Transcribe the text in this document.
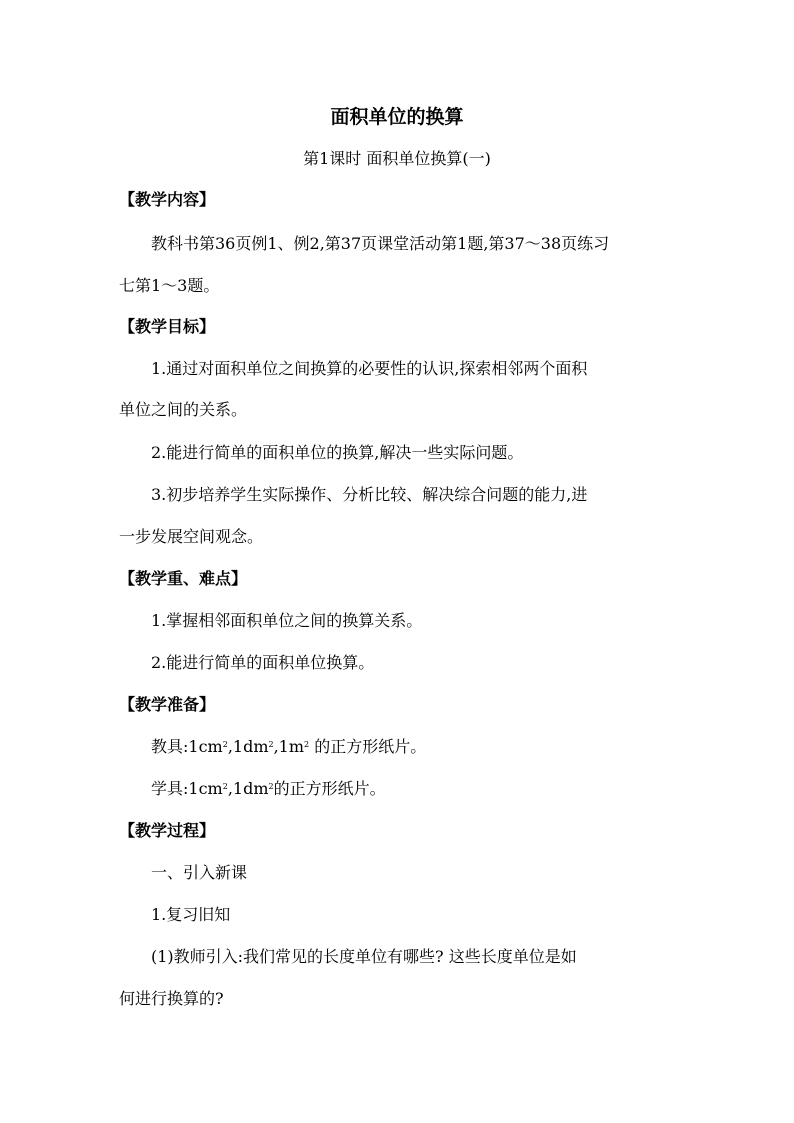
面积单位的换算
第1课时 面积单位换算(一)
【教学内容】
教科书第36页例1、例2,第37页课堂活动第1题,第37～38页练习
七第1～3题。
【教学目标】
1.通过对面积单位之间换算的必要性的认识,探索相邻两个面积
单位之间的关系。
2.能进行简单的面积单位的换算,解决一些实际问题。
3.初步培养学生实际操作、分析比较、解决综合问题的能力,进
一步发展空间观念。
【教学重、难点】
1.掌握相邻面积单位之间的换算关系。
2.能进行简单的面积单位换算。
【教学准备】
教具$:1cm^2,1dm^2,1m^2$ 的正方形纸片。
学具$:1cm^2,1dm^2$的正方形纸片。
【教学过程】
一、引入新课
1.复习旧知
(1)教师引入:我们常见的长度单位有哪些? 这些长度单位是如
何进行换算的?
